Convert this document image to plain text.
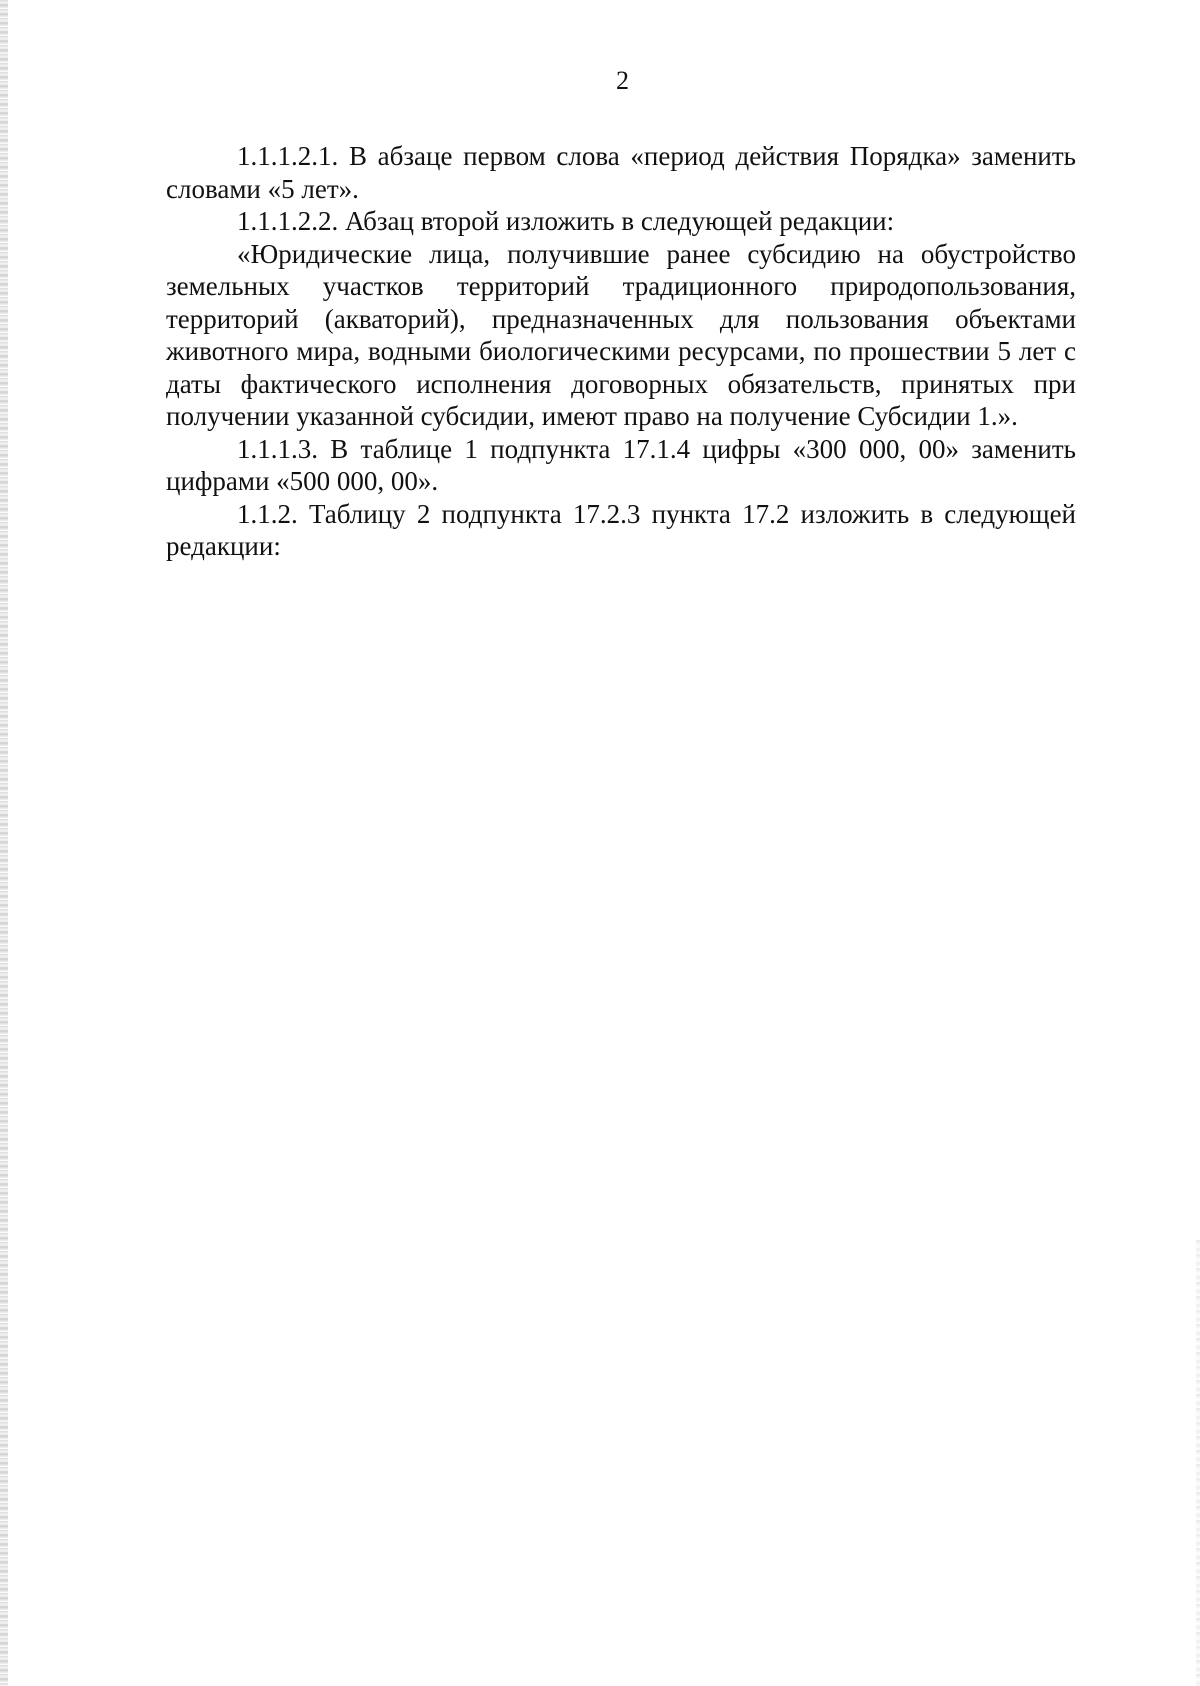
2

1.1.1.2.1. В абзаце первом слова «период действия Порядка» заменить словами «5 лет».

1.1.1.2.2. Абзац второй изложить в следующей редакции:

«Юридические лица, получившие ранее субсидию на обустройство земельных участков территорий традиционного природопользования, территорий (акваторий), предназначенных для пользования объектами животного мира, водными биологическими ресурсами, по прошествии 5 лет с даты фактического исполнения договорных обязательств, принятых при получении указанной субсидии, имеют право на получение Субсидии 1.».

1.1.1.3. В таблице 1 подпункта 17.1.4 цифры «300 000, 00» заменить цифрами «500 000, 00».

1.1.2. Таблицу 2 подпункта 17.2.3 пункта 17.2 изложить в следующей редакции:
